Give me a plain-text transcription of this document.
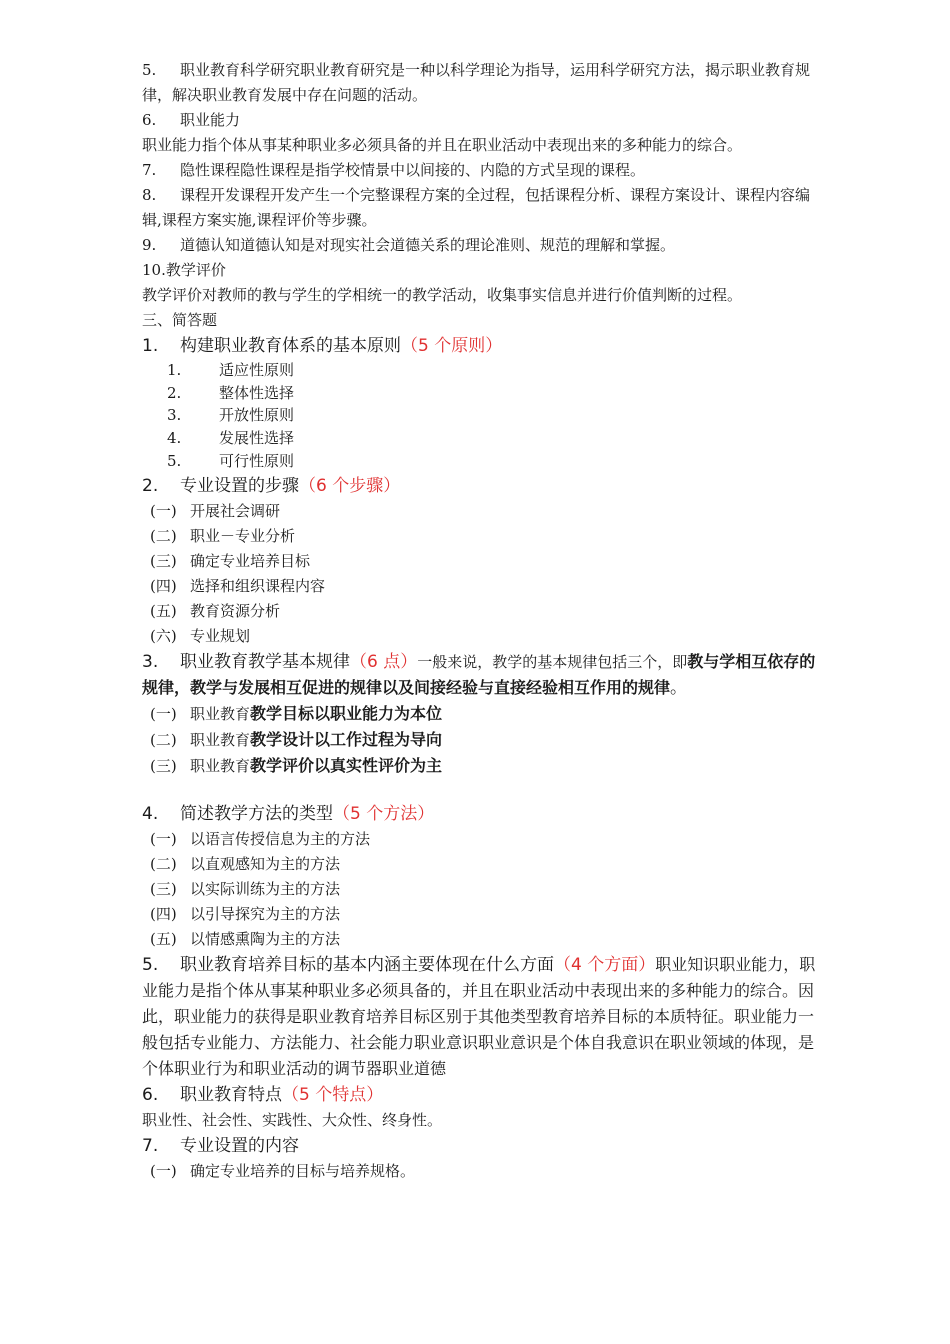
5. 职业教育科学研究职业教育研究是一种以科学理论为指导，运用科学研究方法，揭示职业教育规律，解决职业教育发展中存在问题的活动。

6. 职业能力

职业能力指个体从事某种职业多必须具备的并且在职业活动中表现出来的多种能力的综合。

7. 隐性课程隐性课程是指学校情景中以间接的、内隐的方式呈现的课程。

8. 课程开发课程开发产生一个完整课程方案的全过程，包括课程分析、课程方案设计、课程内容编辑,课程方案实施,课程评价等步骤。

9. 道德认知道德认知是对现实社会道德关系的理论准则、规范的理解和掌握。

10.教学评价

教学评价对教师的教与学生的学相统一的教学活动，收集事实信息并进行价值判断的过程。

三、简答题

1. 构建职业教育体系的基本原则（5 个原则）

1.	适应性原则

2.	整体性选择

3.	开放性原则

4.	发展性选择

5.	可行性原则

2. 专业设置的步骤（6 个步骤）

(一) 开展社会调研

(二) 职业－专业分析

(三) 确定专业培养目标

(四) 选择和组织课程内容

(五) 教育资源分析

(六) 专业规划

3. 职业教育教学基本规律（6 点）一般来说，教学的基本规律包括三个，即教与学相互依存的规律，教学与发展相互促进的规律以及间接经验与直接经验相互作用的规律。

(一) 职业教育教学目标以职业能力为本位

(二) 职业教育教学设计以工作过程为导向

(三) 职业教育教学评价以真实性评价为主

4. 简述教学方法的类型（5 个方法）

(一) 以语言传授信息为主的方法

(二) 以直观感知为主的方法

(三) 以实际训练为主的方法

(四) 以引导探究为主的方法

(五) 以情感熏陶为主的方法

5. 职业教育培养目标的基本内涵主要体现在什么方面（4 个方面）职业知识职业能力，职业能力是指个体从事某种职业多必须具备的，并且在职业活动中表现出来的多种能力的综合。因此，职业能力的获得是职业教育培养目标区别于其他类型教育培养目标的本质特征。职业能力一般包括专业能力、方法能力、社会能力职业意识职业意识是个体自我意识在职业领域的体现，是个体职业行为和职业活动的调节器职业道德

6. 职业教育特点（5 个特点）

职业性、社会性、实践性、大众性、终身性。

7. 专业设置的内容

(一) 确定专业培养的目标与培养规格。
